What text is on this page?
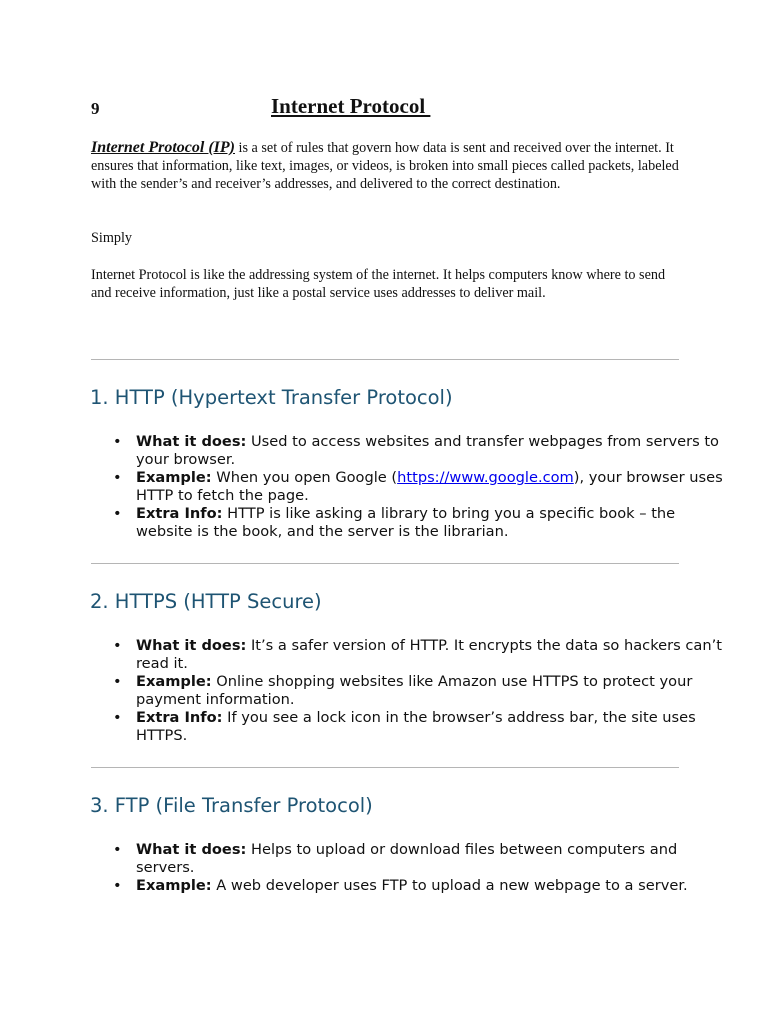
9	Internet Protocol

Internet Protocol (IP) is a set of rules that govern how data is sent and received over the internet. It ensures that information, like text, images, or videos, is broken into small pieces called packets, labeled with the sender’s and receiver’s addresses, and delivered to the correct destination.

Simply

Internet Protocol is like the addressing system of the internet. It helps computers know where to send and receive information, just like a postal service uses addresses to deliver mail.

1. HTTP (Hypertext Transfer Protocol)
• What it does: Used to access websites and transfer webpages from servers to your browser.
• Example: When you open Google (https://www.google.com), your browser uses HTTP to fetch the page.
• Extra Info: HTTP is like asking a library to bring you a specific book – the website is the book, and the server is the librarian.
2. HTTPS (HTTP Secure)
• What it does: It’s a safer version of HTTP. It encrypts the data so hackers can’t read it.
• Example: Online shopping websites like Amazon use HTTPS to protect your payment information.
• Extra Info: If you see a lock icon in the browser’s address bar, the site uses HTTPS.
3. FTP (File Transfer Protocol)
• What it does: Helps to upload or download files between computers and servers.
• Example: A web developer uses FTP to upload a new webpage to a server.
